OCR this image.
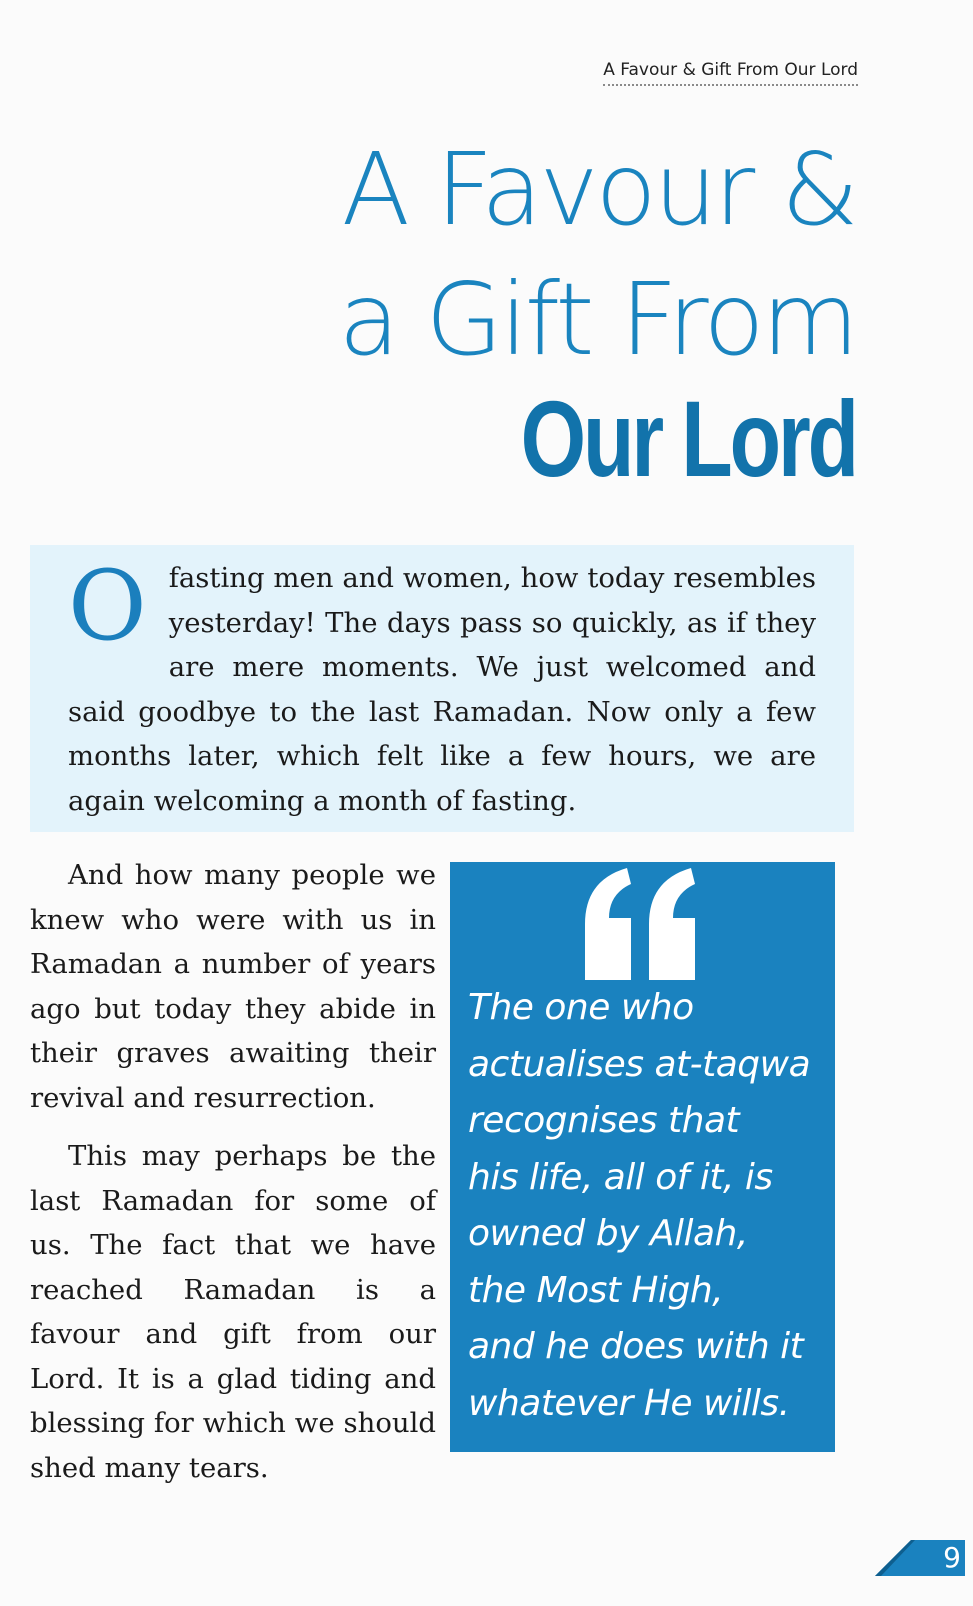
A Favour & Gift From Our Lord
A Favour &
a Gift From
Our Lord
O fasting men and women, how today resembles yesterday! The days pass so quickly, as if they are mere moments. We just welcomed and said goodbye to the last Ramadan. Now only a few months later, which felt like a few hours, we are again welcoming a month of fasting.

And how many people we knew who were with us in Ramadan a number of years ago but today they abide in their graves awaiting their revival and resurrection.

This may perhaps be the last Ramadan for some of us. The fact that we have reached Ramadan is a favour and gift from our Lord. It is a glad tiding and blessing for which we should shed many tears.

The one who
actualises at-taqwa
recognises that
his life, all of it, is
owned by Allah,
the Most High,
and he does with it
whatever He wills.
9
